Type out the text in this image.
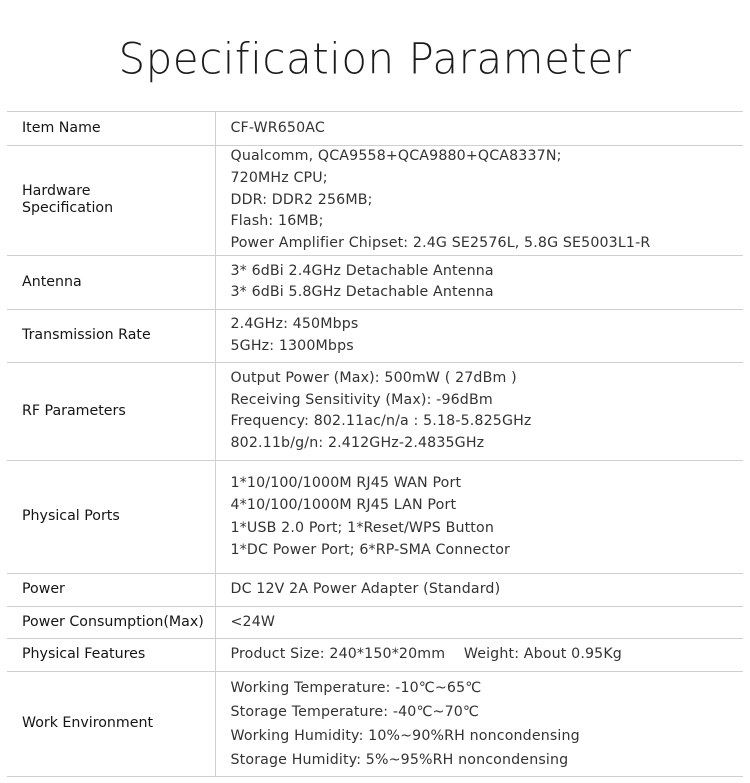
Specification Parameter
Item Name	CF-WR650AC

Hardware
Specification	Qualcomm, QCA9558+QCA9880+QCA8337N;
720MHz CPU;
DDR: DDR2 256MB;
Flash: 16MB;
Power Amplifier Chipset: 2.4G SE2576L, 5.8G SE5003L1-R

Antenna	3* 6dBi 2.4GHz Detachable Antenna
3* 6dBi 5.8GHz Detachable Antenna

Transmission Rate	2.4GHz: 450Mbps
5GHz: 1300Mbps

RF Parameters	Output Power (Max): 500mW ( 27dBm )
Receiving Sensitivity (Max): -96dBm
Frequency: 802.11ac/n/a : 5.18-5.825GHz
802.11b/g/n: 2.412GHz-2.4835GHz

Physical Ports	1*10/100/1000M RJ45 WAN Port
4*10/100/1000M RJ45 LAN Port
1*USB 2.0 Port; 1*Reset/WPS Button
1*DC Power Port; 6*RP-SMA Connector

Power	DC 12V 2A Power Adapter (Standard)

Power Consumption(Max)	<24W

Physical Features	Product Size: 240*150*20mm    Weight: About 0.95Kg

Work Environment	Working Temperature: -10℃~65℃
Storage Temperature: -40℃~70℃
Working Humidity: 10%~90%RH noncondensing
Storage Humidity: 5%~95%RH noncondensing
